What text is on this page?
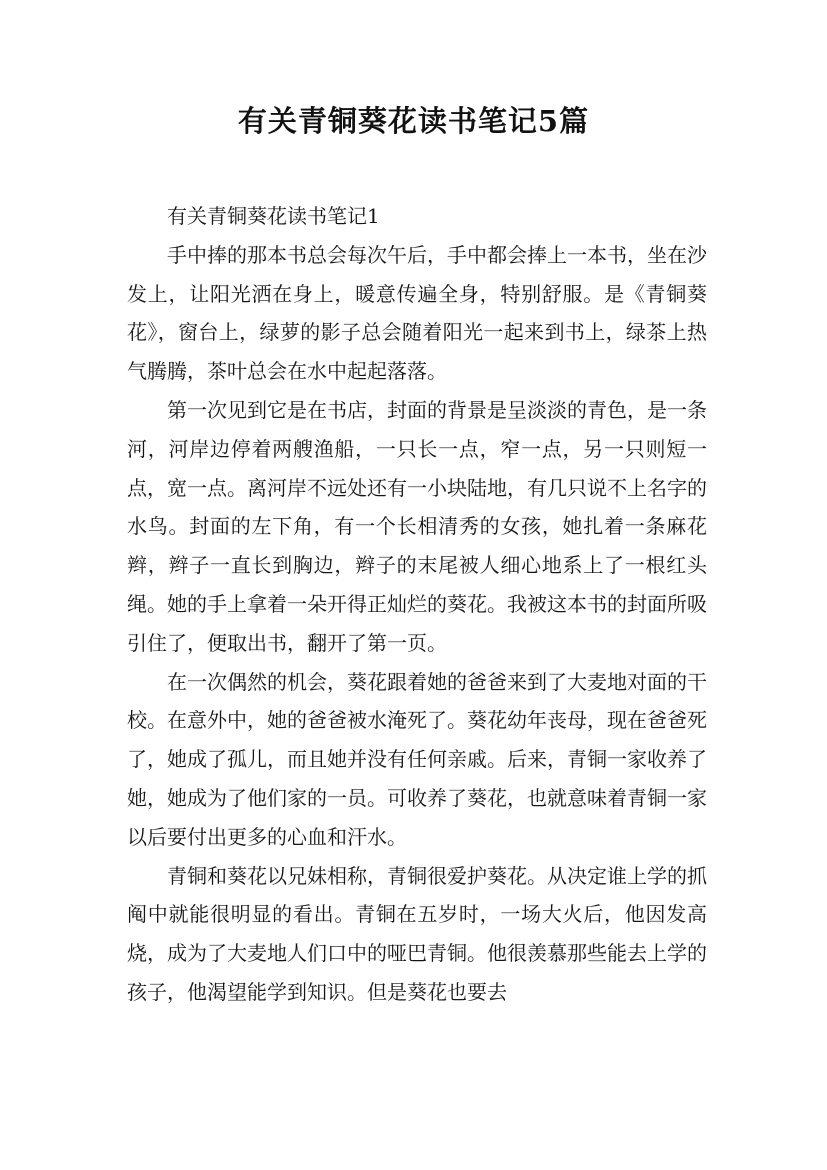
有关青铜葵花读书笔记5篇

有关青铜葵花读书笔记1

手中捧的那本书总会每次午后，手中都会捧上一本书，坐在沙发上，让阳光洒在身上，暖意传遍全身，特别舒服。是《青铜葵花》，窗台上，绿萝的影子总会随着阳光一起来到书上，绿茶上热气腾腾，茶叶总会在水中起起落落。

第一次见到它是在书店，封面的背景是呈淡淡的青色，是一条河，河岸边停着两艘渔船，一只长一点，窄一点，另一只则短一点，宽一点。离河岸不远处还有一小块陆地，有几只说不上名字的水鸟。封面的左下角，有一个长相清秀的女孩，她扎着一条麻花辫，辫子一直长到胸边，辫子的末尾被人细心地系上了一根红头绳。她的手上拿着一朵开得正灿烂的葵花。我被这本书的封面所吸引住了，便取出书，翻开了第一页。

在一次偶然的机会，葵花跟着她的爸爸来到了大麦地对面的干校。在意外中，她的爸爸被水淹死了。葵花幼年丧母，现在爸爸死了，她成了孤儿，而且她并没有任何亲戚。后来，青铜一家收养了她，她成为了他们家的一员。可收养了葵花，也就意味着青铜一家以后要付出更多的心血和汗水。

青铜和葵花以兄妹相称，青铜很爱护葵花。从决定谁上学的抓阄中就能很明显的看出。青铜在五岁时，一场大火后，他因发高烧，成为了大麦地人们口中的哑巴青铜。他很羡慕那些能去上学的孩子，他渴望能学到知识。但是葵花也要去
